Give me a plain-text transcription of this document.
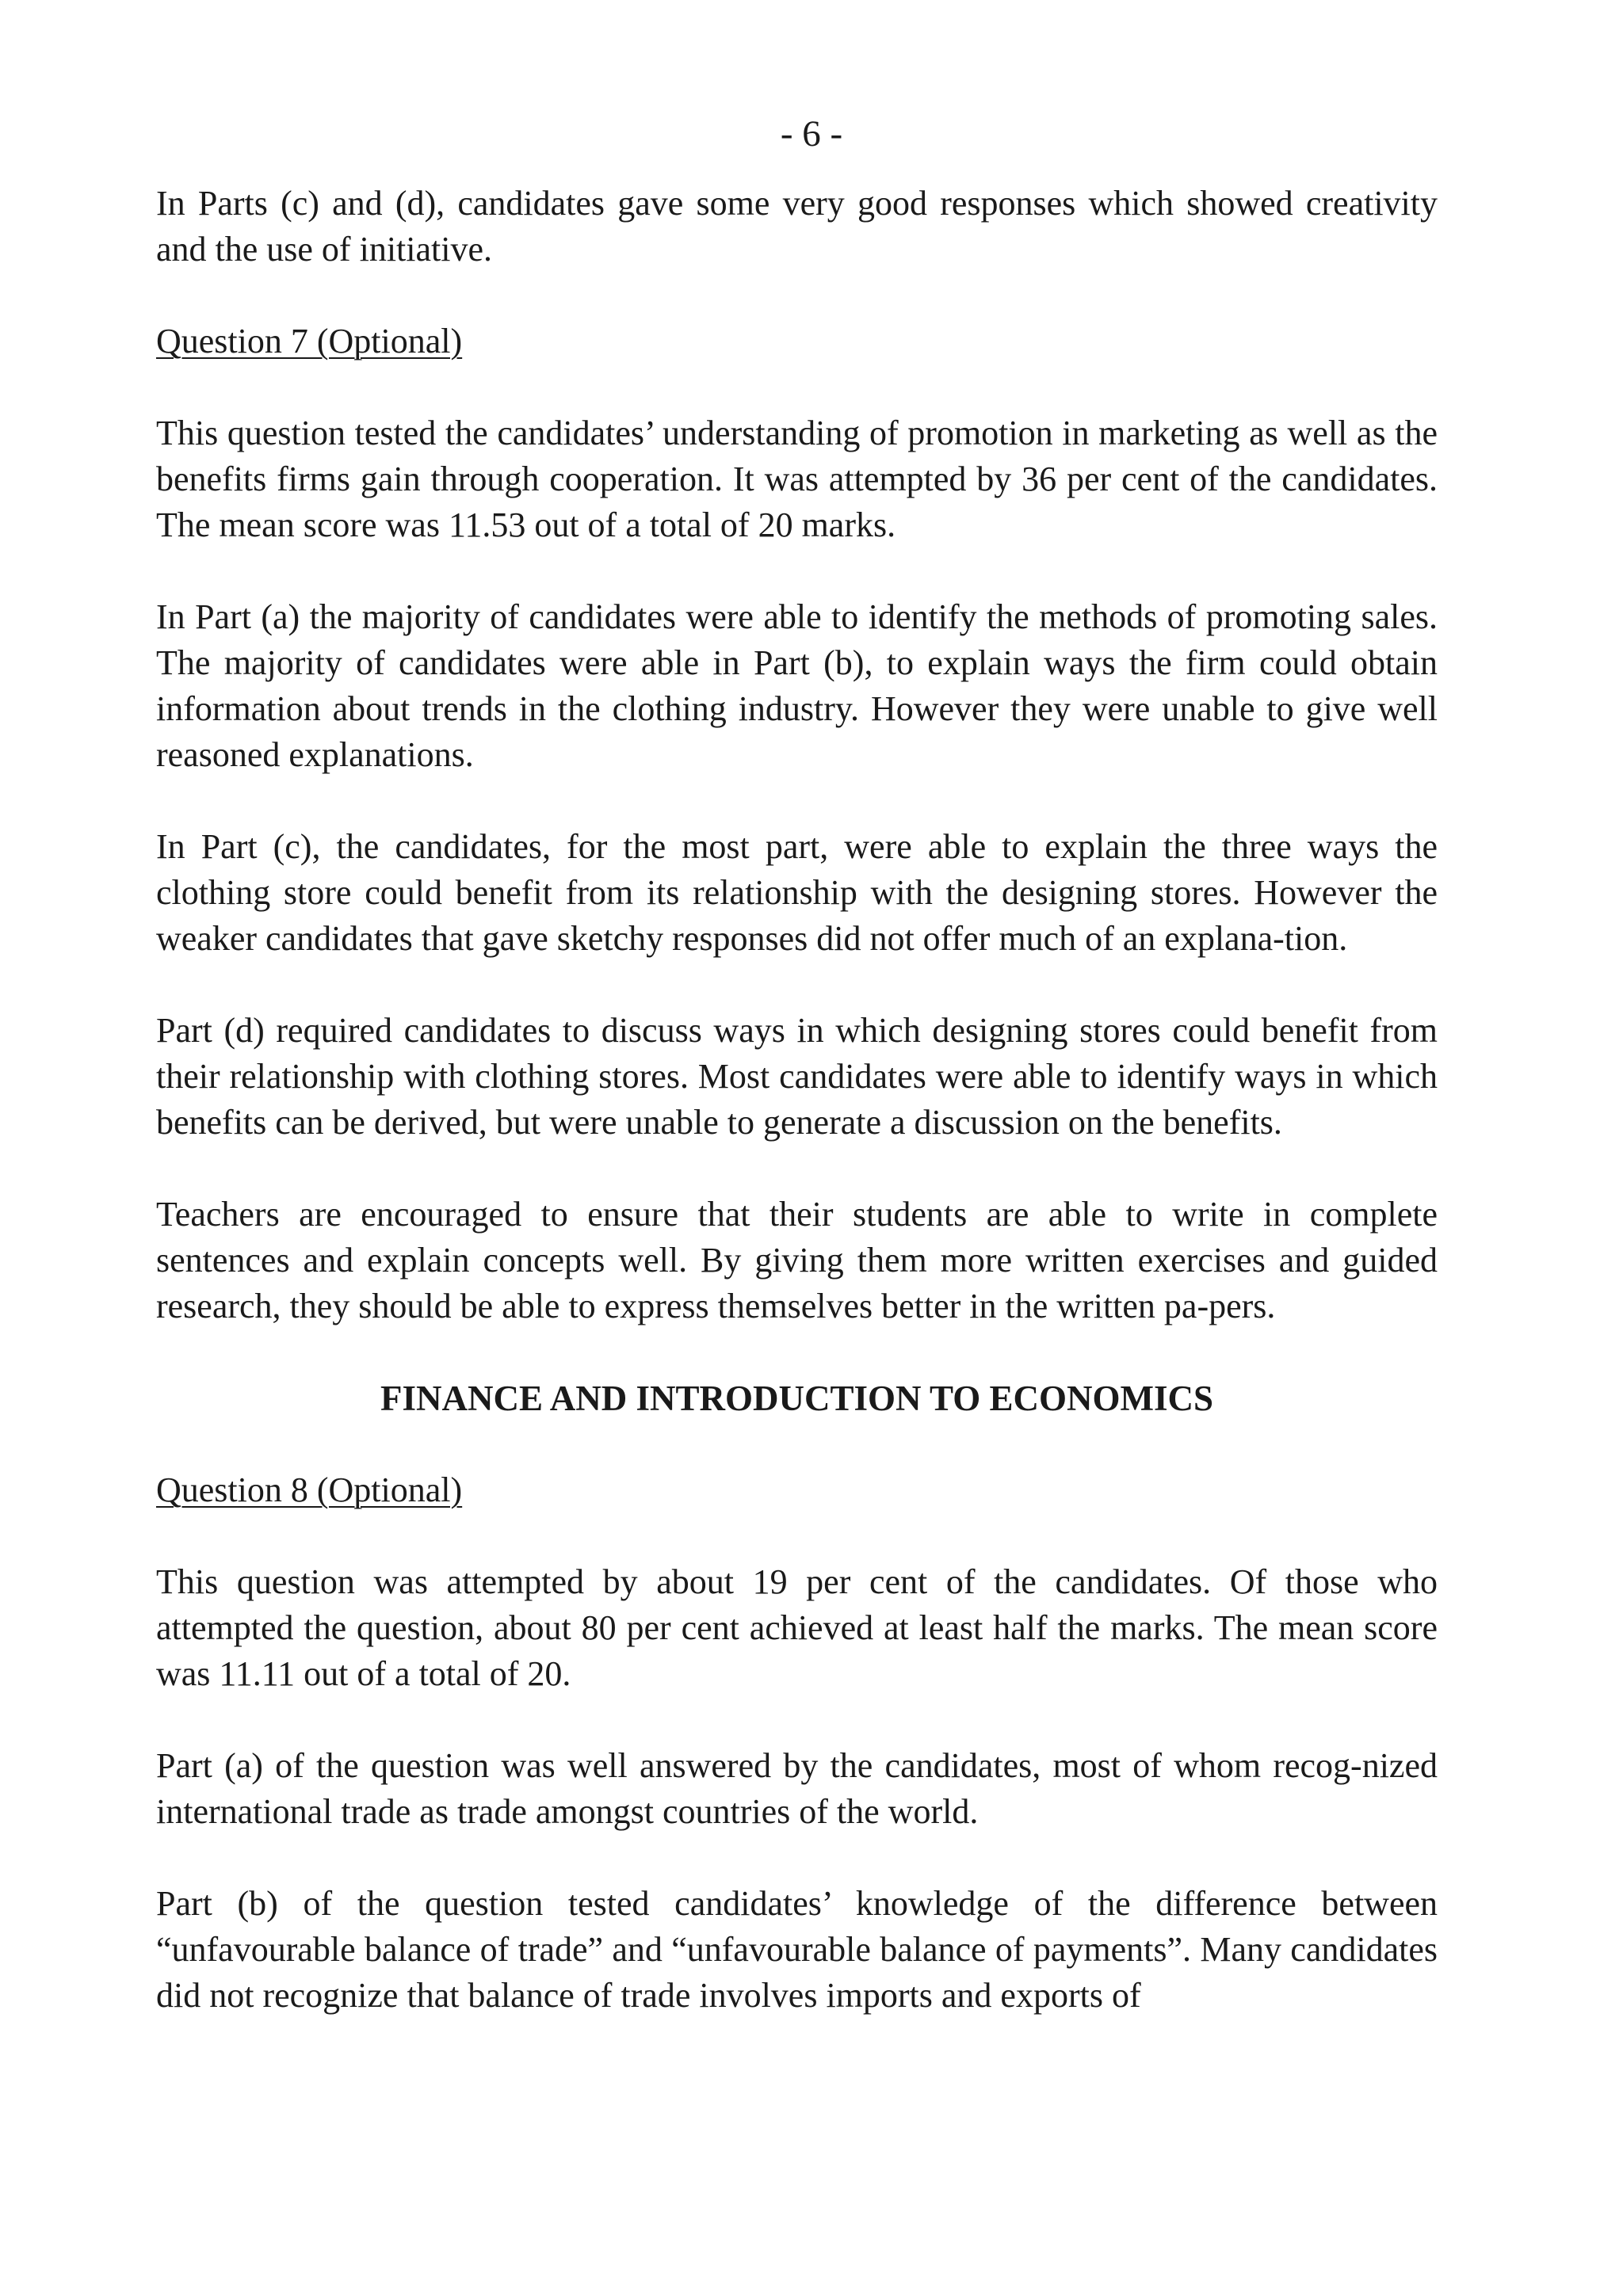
- 6 -

In Parts (c) and (d), candidates gave some very good responses which showed creativity and the use of initiative.

Question 7 (Optional)

This question tested the candidates’ understanding of promotion in marketing as well as the benefits firms gain through cooperation. It was attempted by 36 per cent of the candidates. The mean score was 11.53 out of a total of 20 marks.

In Part (a) the majority of candidates were able to identify the methods of promoting sales. The majority of candidates were able in Part (b), to explain ways the firm could obtain information about trends in the clothing industry. However they were unable to give well reasoned explanations.

In Part (c), the candidates, for the most part, were able to explain the three ways the clothing store could benefit from its relationship with the designing stores. However the weaker candidates that gave sketchy responses did not offer much of an explana-tion.

Part (d) required candidates to discuss ways in which designing stores could benefit from their relationship with clothing stores. Most candidates were able to identify ways in which benefits can be derived, but were unable to generate a discussion on the benefits.

Teachers are encouraged to ensure that their students are able to write in complete sentences and explain concepts well. By giving them more written exercises and guided research, they should be able to express themselves better in the written pa-pers.

FINANCE AND INTRODUCTION TO ECONOMICS

Question 8 (Optional)

This question was attempted by about 19 per cent of the candidates. Of those who attempted the question, about 80 per cent achieved at least half the marks. The mean score was 11.11 out of a total of 20.

Part (a) of the question was well answered by the candidates, most of whom recog-nized international trade as trade amongst countries of the world.

Part (b) of the question tested candidates’ knowledge of the difference between “unfavourable balance of trade” and “unfavourable balance of payments”. Many candidates did not recognize that balance of trade involves imports and exports of
